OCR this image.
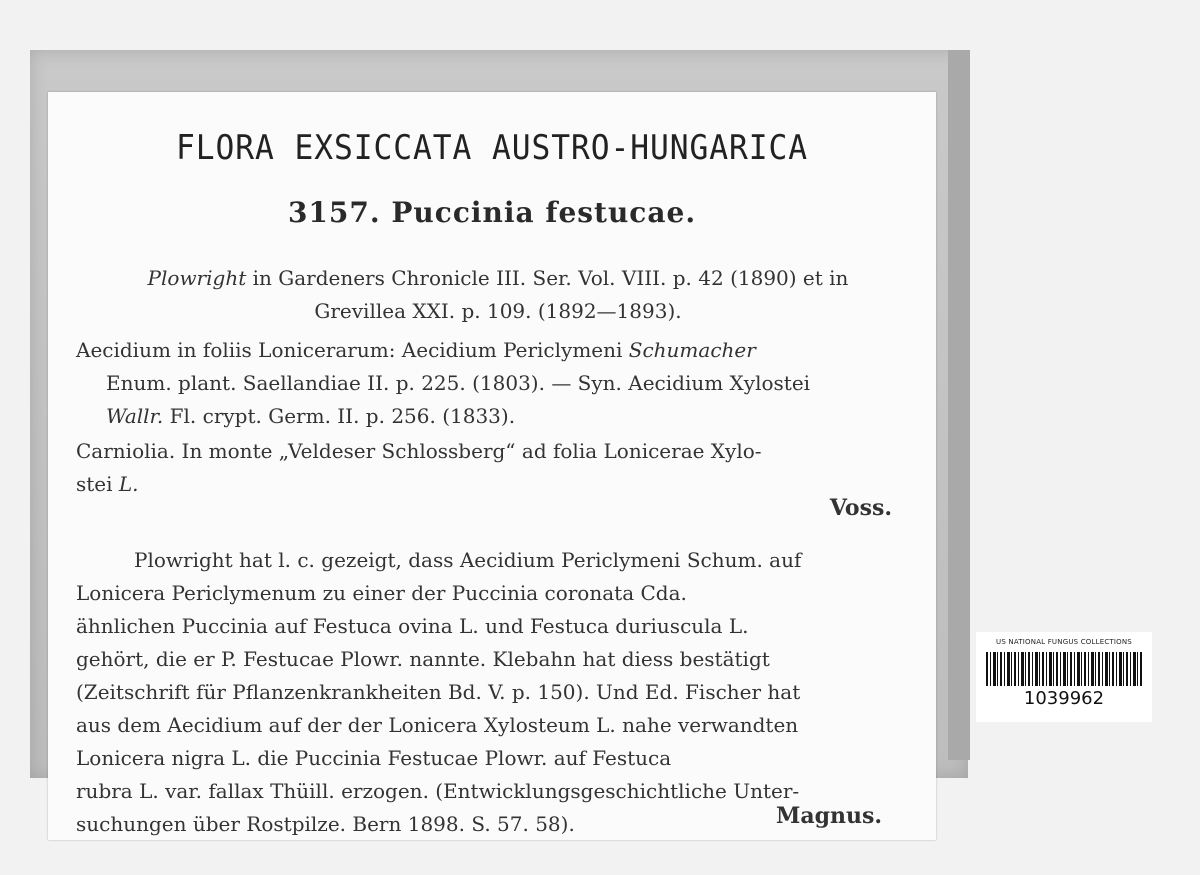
FLORA EXSICCATA AUSTRO-HUNGARICA
3157. Puccinia festucae.
Plowright in Gardeners Chronicle III. Ser. Vol. VIII. p. 42 (1890) et in
Grevillea XXI. p. 109. (1892—1893).
Aecidium in foliis Lonicerarum: Aecidium Periclymeni Schumacher
Enum. plant. Saellandiae II. p. 225. (1803). — Syn. Aecidium Xylostei
Wallr. Fl. crypt. Germ. II. p. 256. (1833).
Carniolia. In monte „Veldeser Schlossberg“ ad folia Lonicerae Xylo-
stei L.
Voss.
Plowright hat l. c. gezeigt, dass Aecidium Periclymeni Schum. auf
Lonicera Periclymenum zu einer der Puccinia coronata Cda.
ähnlichen Puccinia auf Festuca ovina L. und Festuca duriuscula L.
gehört, die er P. Festucae Plowr. nannte. Klebahn hat diess bestätigt
(Zeitschrift für Pflanzenkrankheiten Bd. V. p. 150). Und Ed. Fischer hat
aus dem Aecidium auf der der Lonicera Xylosteum L. nahe verwandten
Lonicera nigra L. die Puccinia Festucae Plowr. auf Festuca
rubra L. var. fallax Thüill. erzogen. (Entwicklungsgeschichtliche Unter-
suchungen über Rostpilze. Bern 1898. S. 57. 58).	Magnus.
US NATIONAL FUNGUS COLLECTIONS
1039962
